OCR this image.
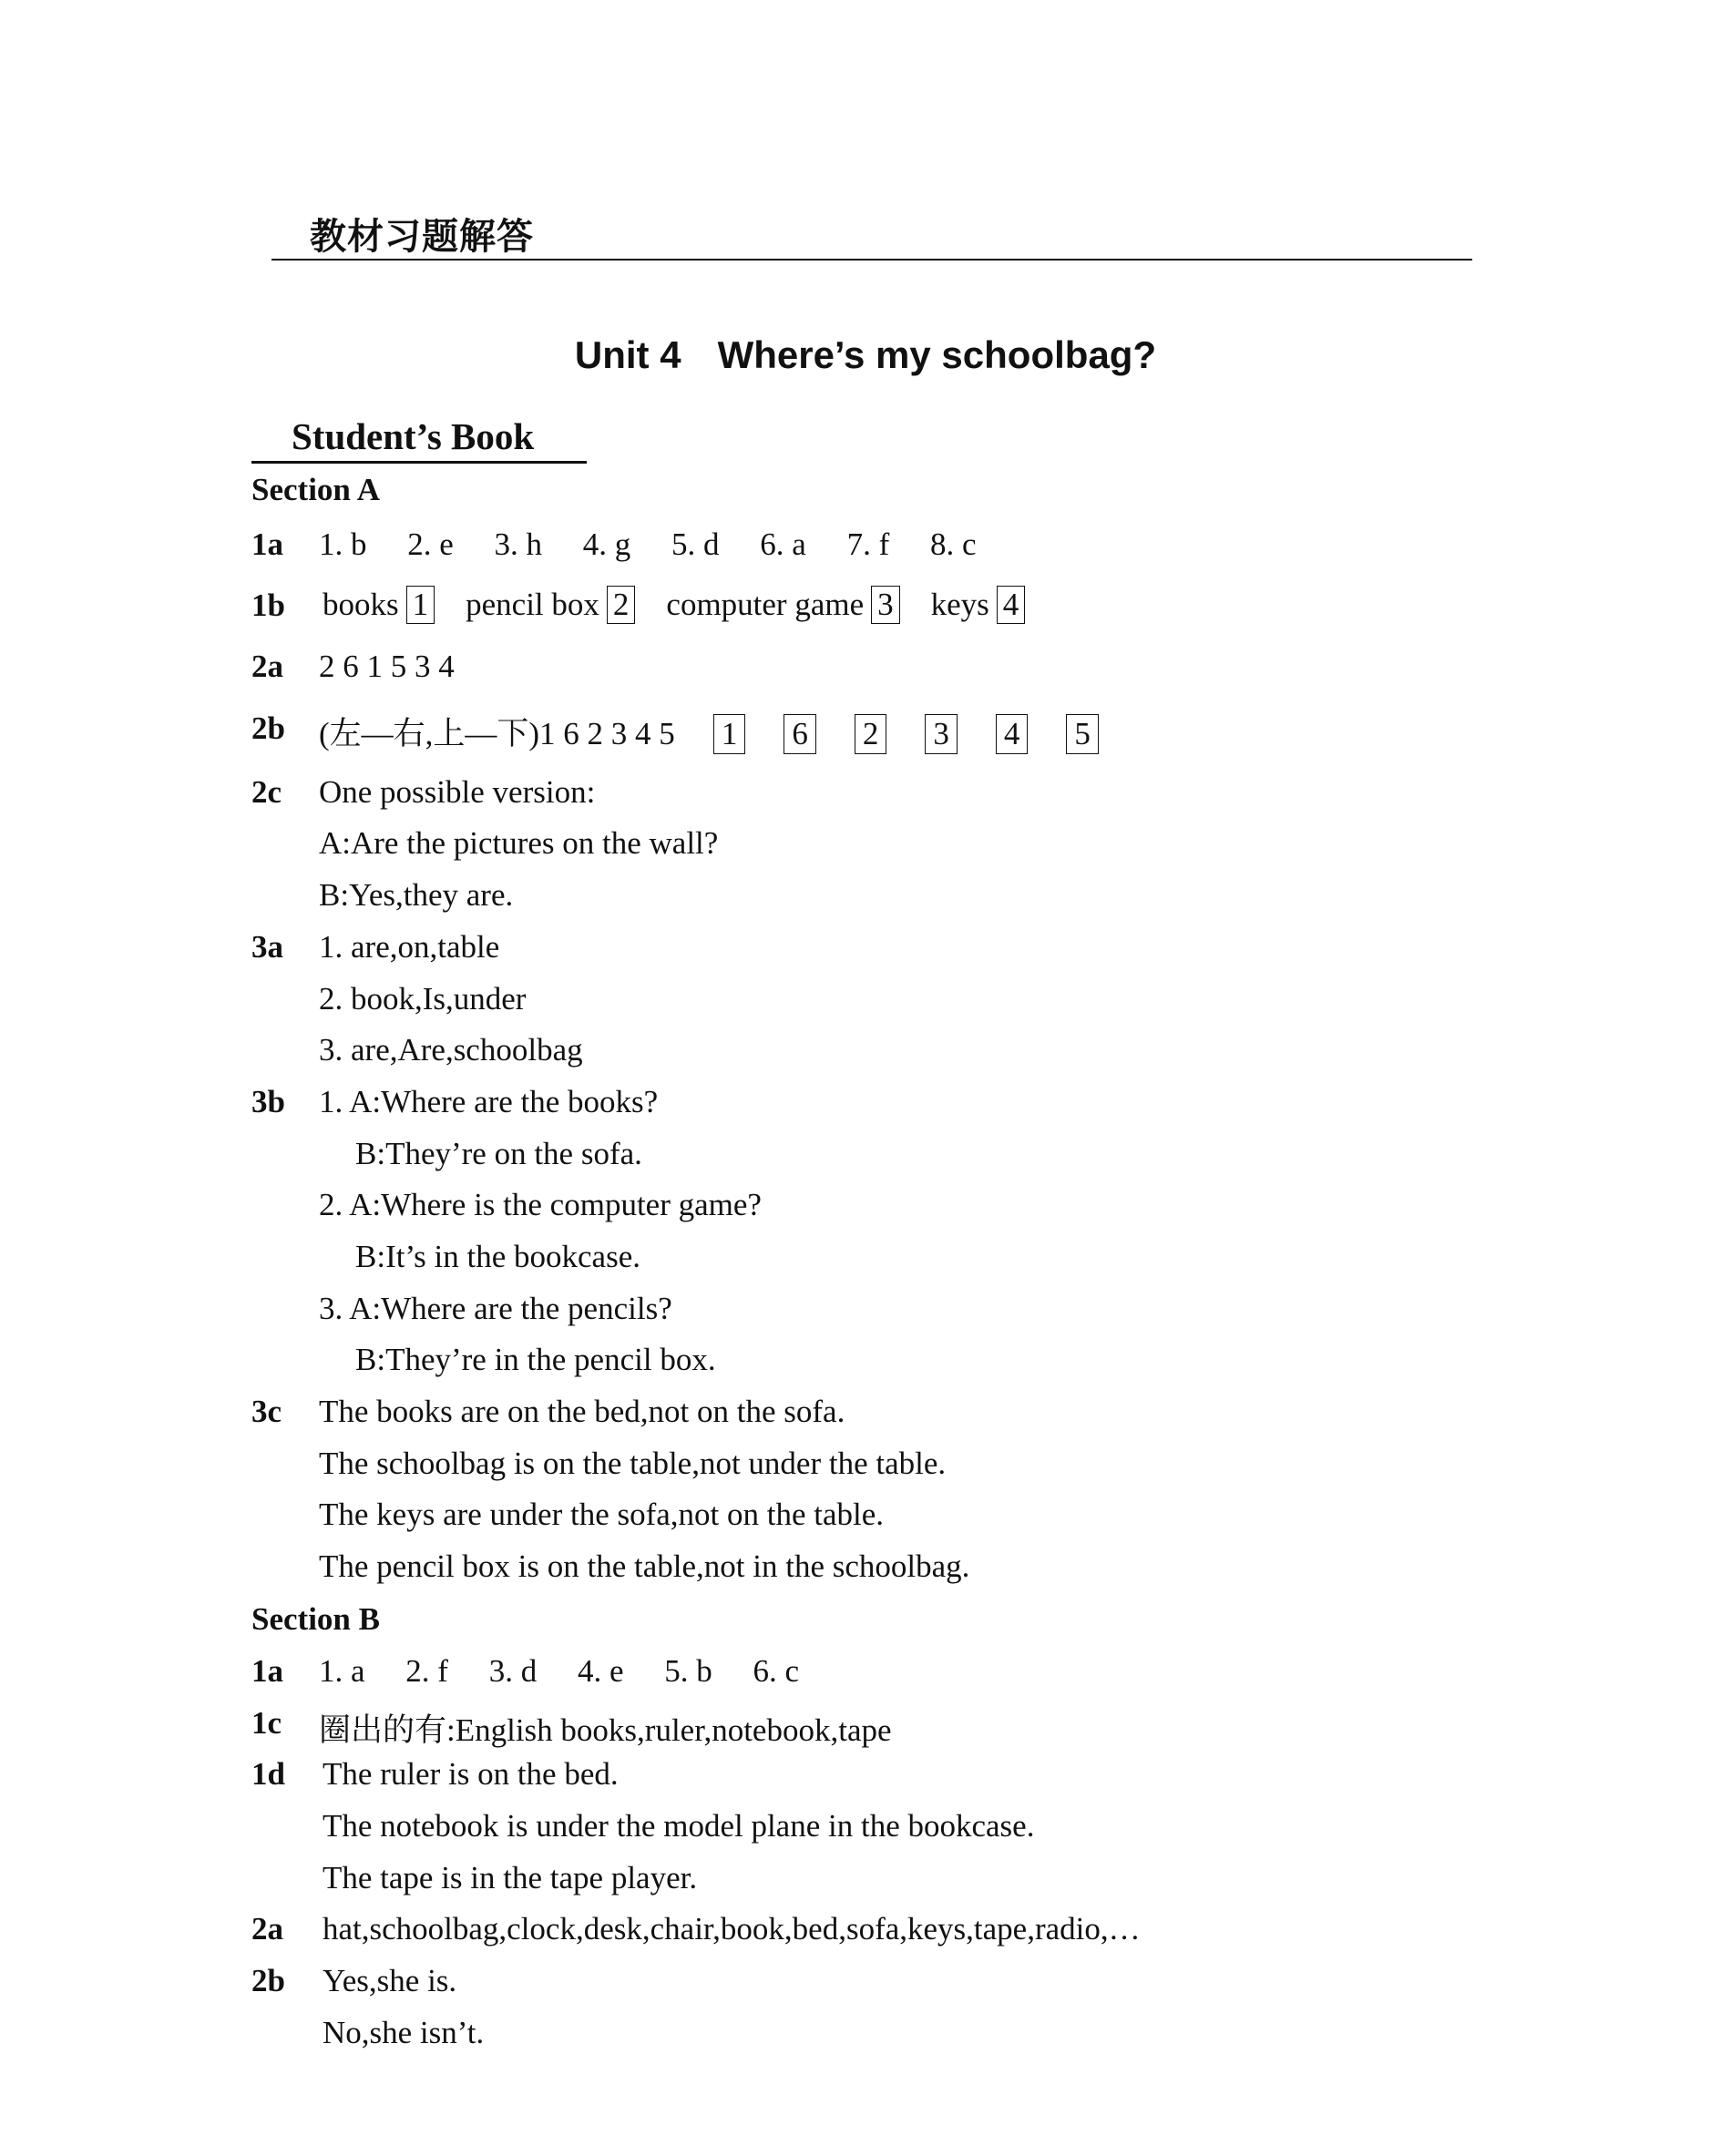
教材习题解答
Unit 4 Where’s my schoolbag?
Student’s Book
Section A
1a 1. b 2. e 3. h 4. g 5. d 6. a 7. f 8. c
1b books 1 pencil box 2 computer game 3 keys 4
2a 2 6 1 5 3 4
2b (左—右,上—下)1 6 2 3 4 5 1 6 2 3 4 5
2c One possible version:
A:Are the pictures on the wall?
B:Yes,they are.
3a 1. are,on,table
2. book,Is,under
3. are,Are,schoolbag
3b 1. A:Where are the books?
B:They’re on the sofa.
2. A:Where is the computer game?
B:It’s in the bookcase.
3. A:Where are the pencils?
B:They’re in the pencil box.
3c The books are on the bed,not on the sofa.
The schoolbag is on the table,not under the table.
The keys are under the sofa,not on the table.
The pencil box is on the table,not in the schoolbag.
Section B
1a 1. a 2. f 3. d 4. e 5. b 6. c
1c 圈出的有:English books,ruler,notebook,tape
1d The ruler is on the bed.
The notebook is under the model plane in the bookcase.
The tape is in the tape player.
2a hat,schoolbag,clock,desk,chair,book,bed,sofa,keys,tape,radio,…
2b Yes,she is.
No,she isn’t.
